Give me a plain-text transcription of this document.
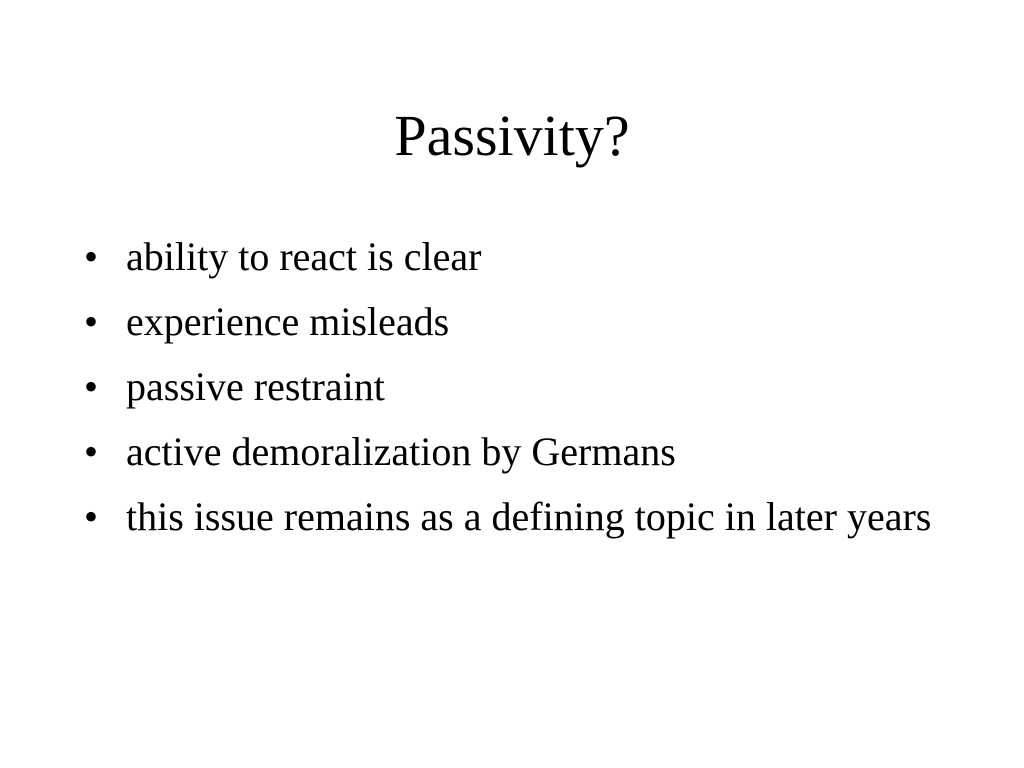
Passivity?
• ability to react is clear
• experience misleads
• passive restraint
• active demoralization by Germans
• this issue remains as a defining topic in later years
